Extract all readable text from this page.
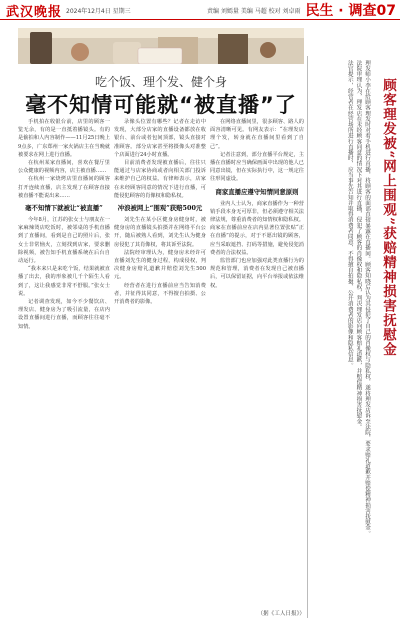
武汉晚报 2024年12月4日 星期三	责编 刘嫣量 美编 马超 校对 刘卓雨 民生 · 调查07
吃个饭、理个发、健个身
毫不知情可能就“被直播”了

手机拍在收银台前，店里的顾客一览无余，有的是一直抵着播镜头。有的是偷拍和人内容制作——11月25日晚上9点多，广东郑州一家火锅店主在当晚就被要求在网上进行直播。

在杭州某家直播间，喜欢在餐厅里公众健康的视频内容，店主被直播……

在杭州一家烧烤店里直播间的顾客打开连续直播，店主发现了在顾客直接被直播不能说出来……

毫不知情下就被让“被直播”

今年8月，江苏的张女士与朋友在一家麻辣烫店吃饭时，被邻桌的手机直播到了直播间，看到是自己的照片后，张女士非常恼火，立刻找到店家，要求删除视频，被告知手机直播系统在后台自动运行。

“我本来只是来吃个饭，结果就被直播了出去，我的形象被几千个陌生人看到了，这让我感觉非常不舒服。”张女士说。

记者调查发现，如今不少餐饮店、理发店、健身房为了吸引流量，在店内设置直播间进行直播，而顾客往往毫不知情。

录像头位置有哪些？记者在走访中发现，大部分店家的直播设备都放在收银台、前台或者包间顶部，镜头直接对准顾客。部分店家甚至将摄像头对准整个店面进行24小时直播。

目前消费者发现被直播后，往往只能通过与店家协商或者向相关部门投诉来维护自己的权益。有律师表示，店家在未经顾客同意的情况下进行直播，可能侵犯顾客的肖像权和隐私权。

冲浪被网上“围观”获赔500元

刘先生在某小区健身房健身时，被健身房的直播镜头拍摄并在网络平台公开，随后被熟人看到，刘先生认为健身房侵犯了其肖像权，将其诉至法院。

法院经审理认为，健身房未经许可直播刘先生的健身过程，构成侵权，判决健身房赔礼道歉并赔偿刘先生500元。

经营者在进行直播前应当告知消费者，并征得其同意，不得擅自拍摄、公开消费者的影像。

在网络直播间里，很多顾客、路人的面容清晰可见。有网友表示：“在理发店理个发，转身就在直播间里看到了自己”。

记者注意到，部分直播平台规定，主播在直播时应当确保画面中出现的他人已同意出镜，但在实际执行中，这一规定往往形同虚设。

商家直播应遵守知情同意原则

业内人士认为，商家直播作为一种营销手段本身无可厚非，但必须遵守相关法律法规，尊重消费者的知情权和隐私权。商家在直播前应在店内显著位置张贴“正在直播”的提示，对于不愿出镜的顾客，应当采取遮挡、打码等措施，避免侵犯消费者的合法权益。

监管部门也应加强对此类直播行为的规范和管理，消费者在发现自己被直播后，可以保留证据，向平台举报或依法维权。

（据《工人日报》）

理发师小李在给顾客理发时对着手机进行直播，将顾客的面部直接暴露在直播间。顾客知晓后认为其侵犯了自己的肖像权与隐私权，遂将理发店诉至法院，要求赔礼道歉并赔偿精神损害抚慰金。

法院审理认为，理发店在未经顾客同意的情况下对其进行直播，侵犯了顾客的肖像权和隐私权，判决理发店向顾客赔礼道歉，并赔偿精神损害抚慰金。

法官提示，经营者在经营场所进行直播时，应当事先告知并取得消费者同意，不得擅自拍摄、公开消费者的影像和隐私信息。	顾客理发被“网上围观”获赔精神损害抚慰金
